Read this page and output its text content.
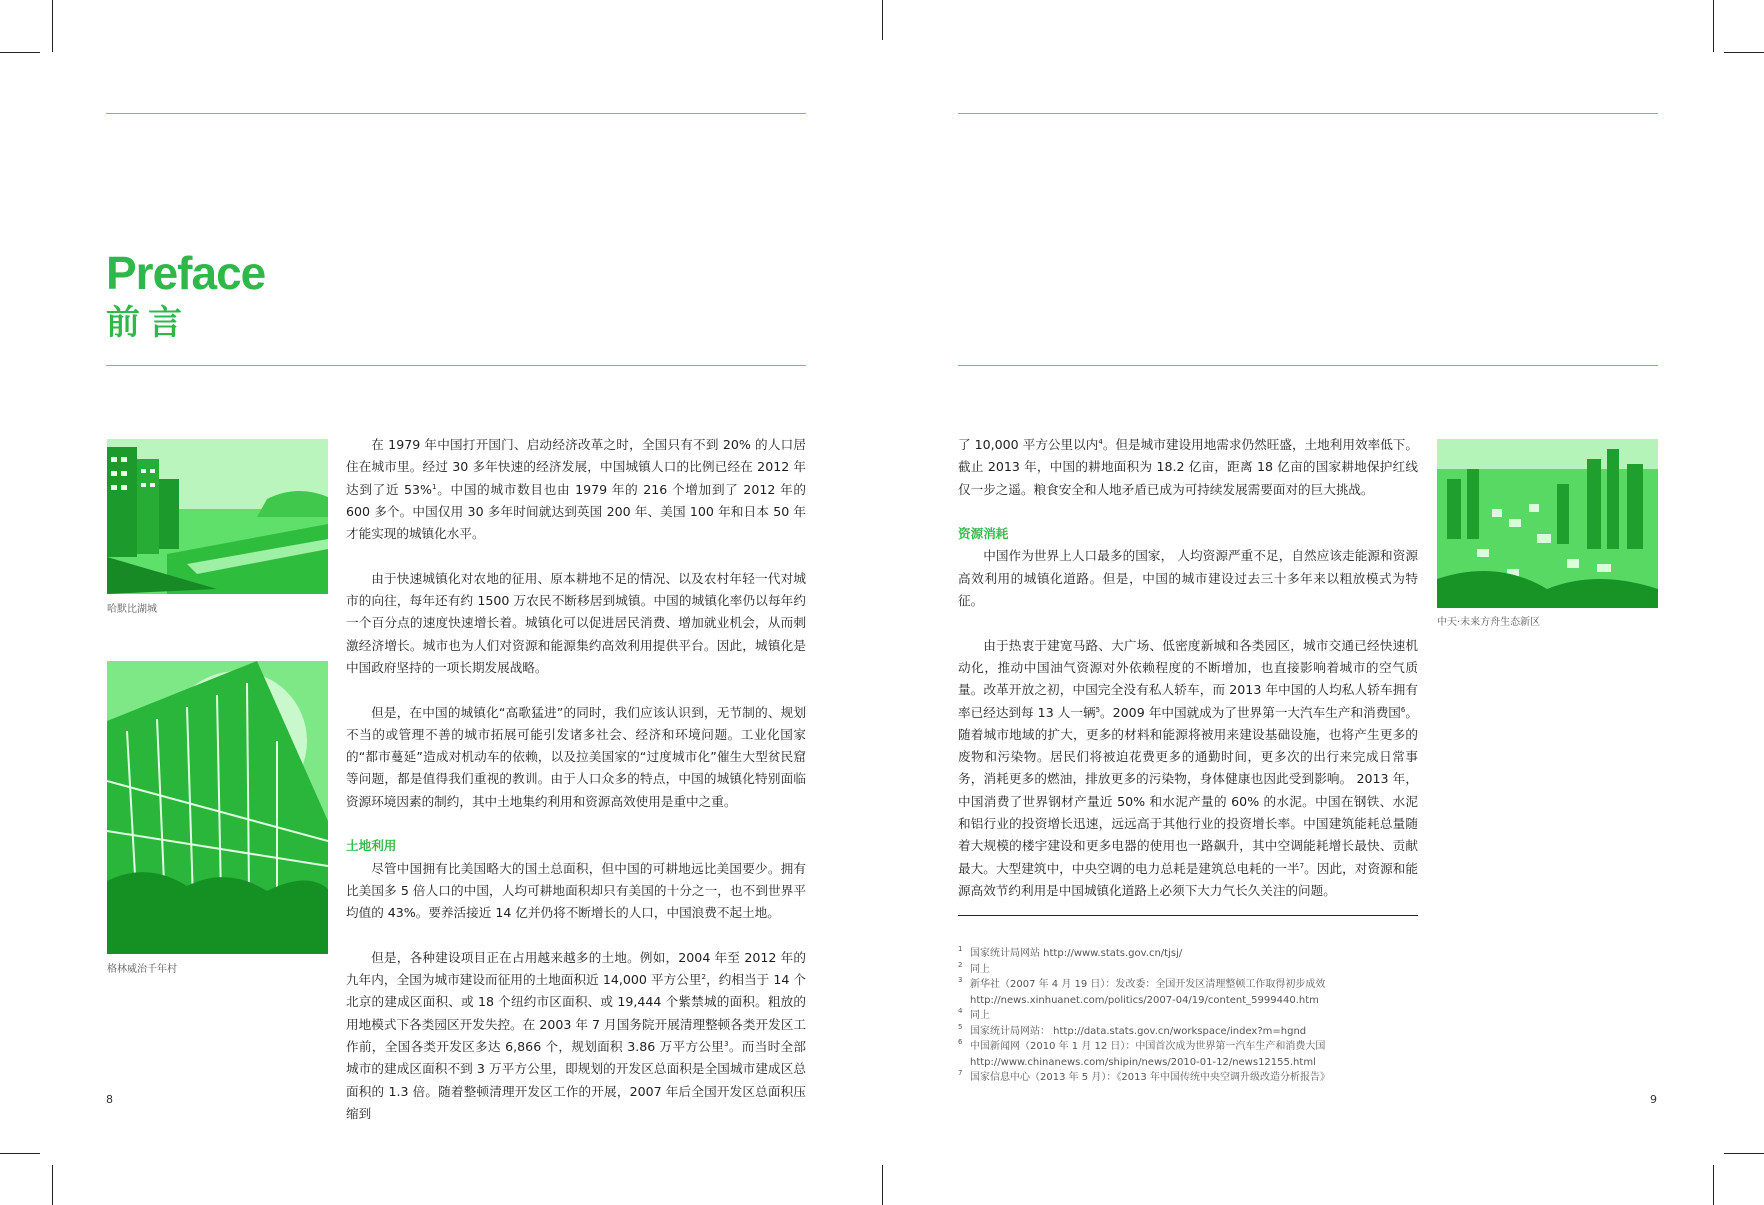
Preface
前言
哈默比湖城
格林威治千年村

在 1979 年中国打开国门、启动经济改革之时，全国只有不到 20% 的人口居住在城市里。经过 30 多年快速的经济发展，中国城镇人口的比例已经在 2012 年达到了近 53%$^1$。中国的城市数目也由 1979 年的 216 个增加到了 2012 年的 600 多个。中国仅用 30 多年时间就达到英国 200 年、美国 100 年和日本 50 年才能实现的城镇化水平。

由于快速城镇化对农地的征用、原本耕地不足的情况、以及农村年轻一代对城市的向往，每年还有约 1500 万农民不断移居到城镇。中国的城镇化率仍以每年约一个百分点的速度快速增长着。城镇化可以促进居民消费、增加就业机会，从而刺激经济增长。城市也为人们对资源和能源集约高效利用提供平台。因此，城镇化是中国政府坚持的一项长期发展战略。

但是，在中国的城镇化“高歌猛进”的同时，我们应该认识到，无节制的、规划不当的或管理不善的城市拓展可能引发诸多社会、经济和环境问题。工业化国家的“都市蔓延”造成对机动车的依赖，以及拉美国家的“过度城市化”催生大型贫民窟等问题，都是值得我们重视的教训。由于人口众多的特点，中国的城镇化特别面临资源环境因素的制约，其中土地集约利用和资源高效使用是重中之重。

土地利用

尽管中国拥有比美国略大的国土总面积，但中国的可耕地远比美国要少。拥有比美国多 5 倍人口的中国，人均可耕地面积却只有美国的十分之一，也不到世界平均值的 43%。要养活接近 14 亿并仍将不断增长的人口，中国浪费不起土地。

但是，各种建设项目正在占用越来越多的土地。例如，2004 年至 2012 年的九年内，全国为城市建设而征用的土地面积近 14,000 平方公里$^2$，约相当于 14 个北京的建成区面积、或 18 个纽约市区面积、或 19,444 个紫禁城的面积。粗放的用地模式下各类园区开发失控。在 2003 年 7 月国务院开展清理整顿各类开发区工作前，全国各类开发区多达 6,866 个，规划面积 3.86 万平方公里$^3$。而当时全部城市的建成区面积不到 3 万平方公里，即规划的开发区总面积是全国城市建成区总面积的 1.3 倍。随着整顿清理开发区工作的开展，2007 年后全国开发区总面积压缩到

了 10,000 平方公里以内$^4$。但是城市建设用地需求仍然旺盛，土地利用效率低下。截止 2013 年，中国的耕地面积为 18.2 亿亩，距离 18 亿亩的国家耕地保护红线仅一步之遥。粮食安全和人地矛盾已成为可持续发展需要面对的巨大挑战。

资源消耗

中国作为世界上人口最多的国家， 人均资源严重不足，自然应该走能源和资源高效利用的城镇化道路。但是，中国的城市建设过去三十多年来以粗放模式为特征。

由于热衷于建宽马路、大广场、低密度新城和各类园区，城市交通已经快速机动化，推动中国油气资源对外依赖程度的不断增加，也直接影响着城市的空气质量。改革开放之初，中国完全没有私人轿车，而 2013 年中国的人均私人轿车拥有率已经达到每 13 人一辆$^5$。2009 年中国就成为了世界第一大汽车生产和消费国$^6$。随着城市地域的扩大，更多的材料和能源将被用来建设基础设施，也将产生更多的废物和污染物。居民们将被迫花费更多的通勤时间，更多次的出行来完成日常事务，消耗更多的燃油，排放更多的污染物，身体健康也因此受到影响。 2013 年，中国消费了世界钢材产量近 50% 和水泥产量的 60% 的水泥。中国在钢铁、水泥和铝行业的投资增长迅速，远远高于其他行业的投资增长率。中国建筑能耗总量随着大规模的楼宇建设和更多电器的使用也一路飙升，其中空调能耗增长最快、贡献最大。大型建筑中，中央空调的电力总耗是建筑总电耗的一半$^7$。因此，对资源和能源高效节约利用是中国城镇化道路上必须下大力气长久关注的问题。

中天·未来方舟生态新区
1 国家统计局网站 http://www.stats.gov.cn/tjsj/
2 同上
3 新华社（2007 年 4 月 19 日）：发改委：全国开发区清理整顿工作取得初步成效
http://news.xinhuanet.com/politics/2007-04/19/content_5999440.htm
4 同上
5 国家统计局网站： http://data.stats.gov.cn/workspace/index?m=hgnd
6 中国新闻网（2010 年 1 月 12 日）：中国首次成为世界第一汽车生产和消费大国
http://www.chinanews.com/shipin/news/2010-01-12/news12155.html
7 国家信息中心（2013 年 5 月）：《2013 年中国传统中央空调升级改造分析报告》
8	9
